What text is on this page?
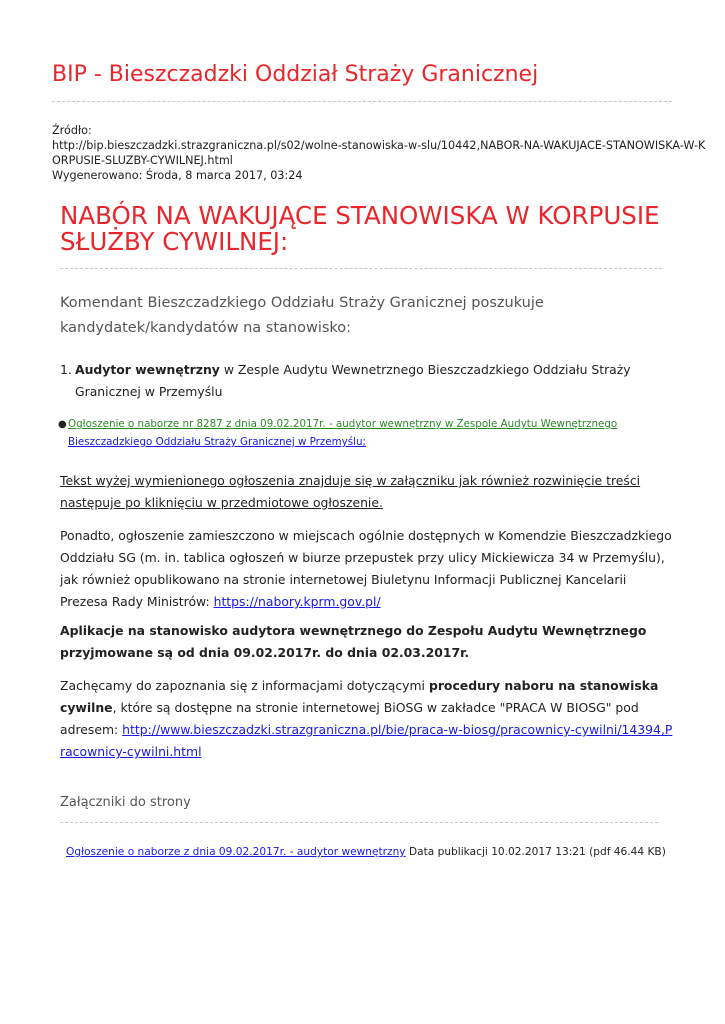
BIP - Bieszczadzki Oddział Straży Granicznej
Źródło:
http://bip.bieszczadzki.strazgraniczna.pl/s02/wolne-stanowiska-w-slu/10442,NABOR-NA-WAKUJACE-STANOWISKA-W-K
ORPUSIE-SLUZBY-CYWILNEJ.html
Wygenerowano: Środa, 8 marca 2017, 03:24
NABÓR NA WAKUJĄCE STANOWISKA W KORPUSIE SŁUŻBY CYWILNEJ:

Komendant Bieszczadzkiego Oddziału Straży Granicznej poszukuje kandydatek/kandydatów na stanowisko:

1. Audytor wewnętrzny w Zesple Audytu Wewnetrznego Bieszczadzkiego Oddziału Straży Granicznej w Przemyślu
● Ogłoszenie o naborze nr 8287 z dnia 09.02.2017r. - audytor wewnętrzny w Zespole Audytu Wewnętrznego
Bieszczadzkiego Oddziału Straży Granicznej w Przemyślu;

Tekst wyżej wymienionego ogłoszenia znajduje się w załączniku jak również rozwinięcie treści następuje po kliknięciu w przedmiotowe ogłoszenie.

Ponadto, ogłoszenie zamieszczono w miejscach ogólnie dostępnych w Komendzie Bieszczadzkiego Oddziału SG (m. in. tablica ogłoszeń w biurze przepustek przy ulicy Mickiewicza 34 w Przemyślu), jak również opublikowano na stronie internetowej Biuletynu Informacji Publicznej Kancelarii Prezesa Rady Ministrów: https://nabory.kprm.gov.pl/

Aplikacje na stanowisko audytora wewnętrznego do Zespołu Audytu Wewnętrznego przyjmowane są od dnia 09.02.2017r. do dnia 02.03.2017r.

Zachęcamy do zapoznania się z informacjami dotyczącymi procedury naboru na stanowiska cywilne, które są dostępne na stronie internetowej BiOSG w zakładce "PRACA W BIOSG" pod adresem: http://www.bieszczadzki.strazgraniczna.pl/bie/praca-w-biosg/pracownicy-cywilni/14394,Pracownicy-cywilni.html

Załączniki do strony
Ogłoszenie o naborze z dnia 09.02.2017r. - audytor wewnętrzny Data publikacji 10.02.2017 13:21 (pdf 46.44 KB)
